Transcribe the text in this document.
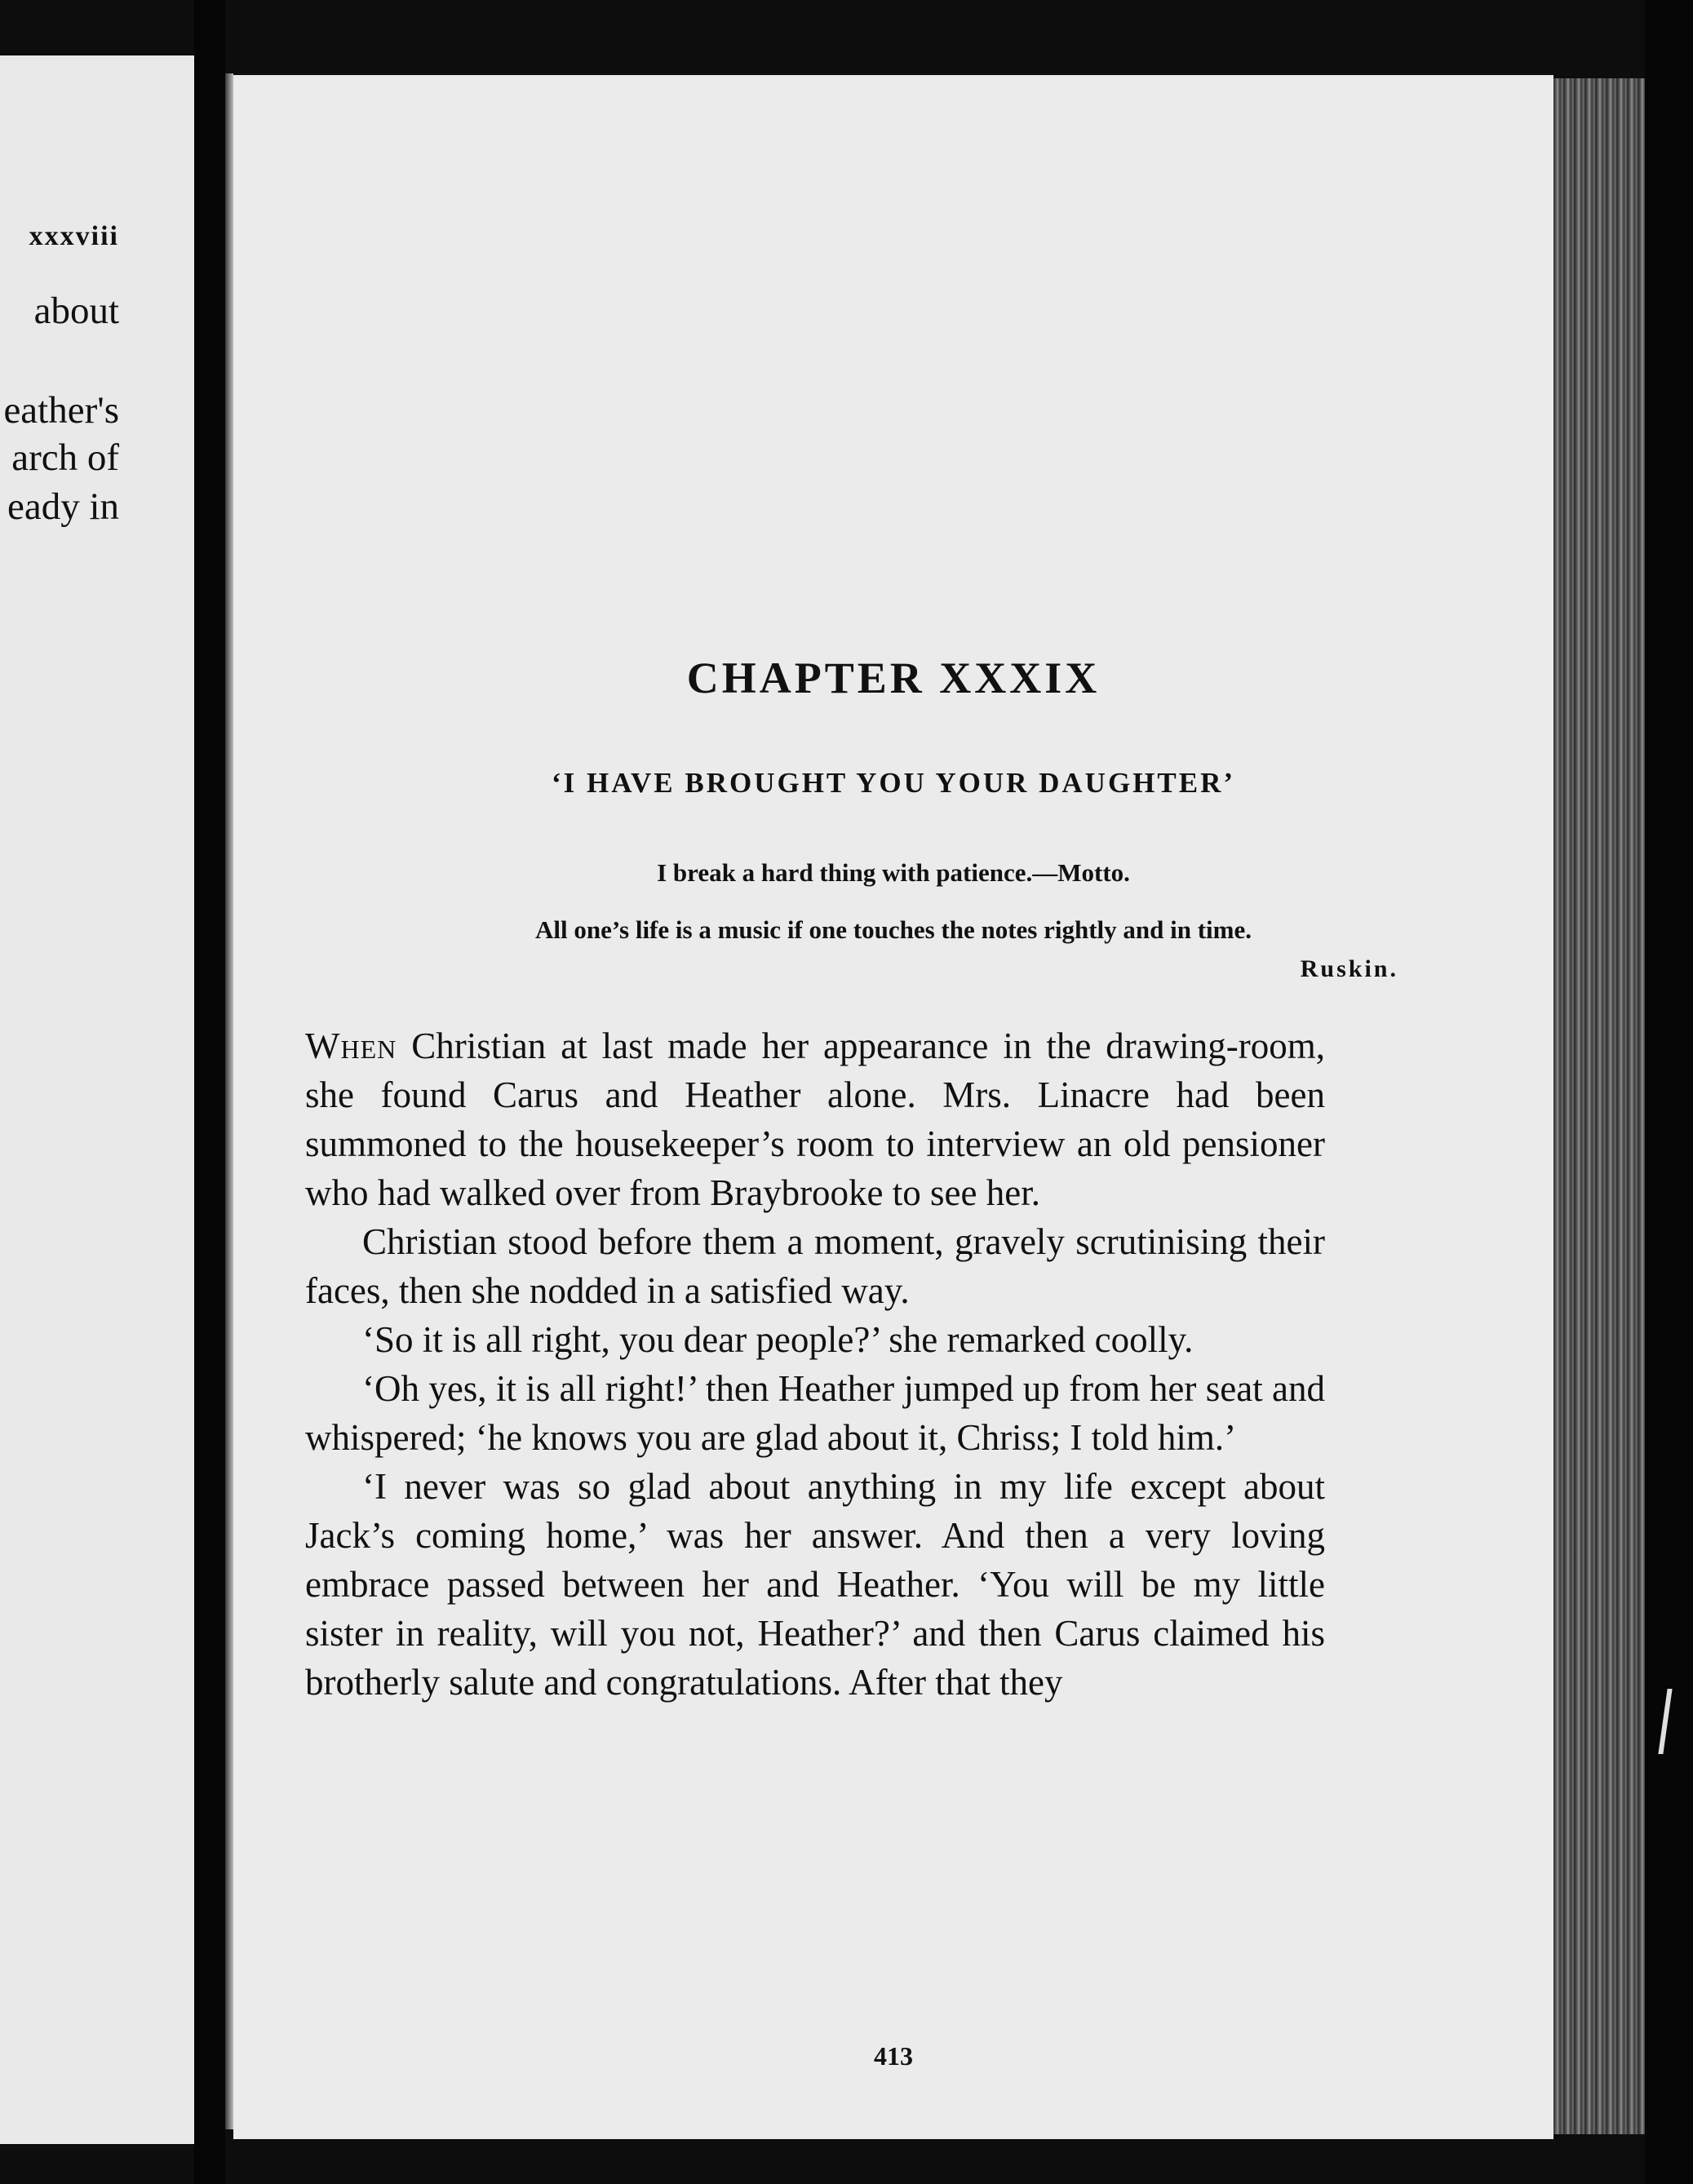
xxxviii
about
eather's
arch of
eady in
CHAPTER XXXIX
‘I HAVE BROUGHT YOU YOUR DAUGHTER’
I break a hard thing with patience.—Motto.
All one’s life is a music if one touches the notes rightly and in time.
Ruskin.

When Christian at last made her appearance in the drawing-room, she found Carus and Heather alone. Mrs. Linacre had been summoned to the housekeeper’s room to interview an old pensioner who had walked over from Braybrooke to see her.

Christian stood before them a moment, gravely scrutinising their faces, then she nodded in a satisfied way.

‘So it is all right, you dear people?’ she remarked coolly.

‘Oh yes, it is all right!’ then Heather jumped up from her seat and whispered; ‘he knows you are glad about it, Chriss; I told him.’

‘I never was so glad about anything in my life except about Jack’s coming home,’ was her answer. And then a very loving embrace passed between her and Heather. ‘You will be my little sister in reality, will you not, Heather?’ and then Carus claimed his brotherly salute and congratulations. After that they

413
